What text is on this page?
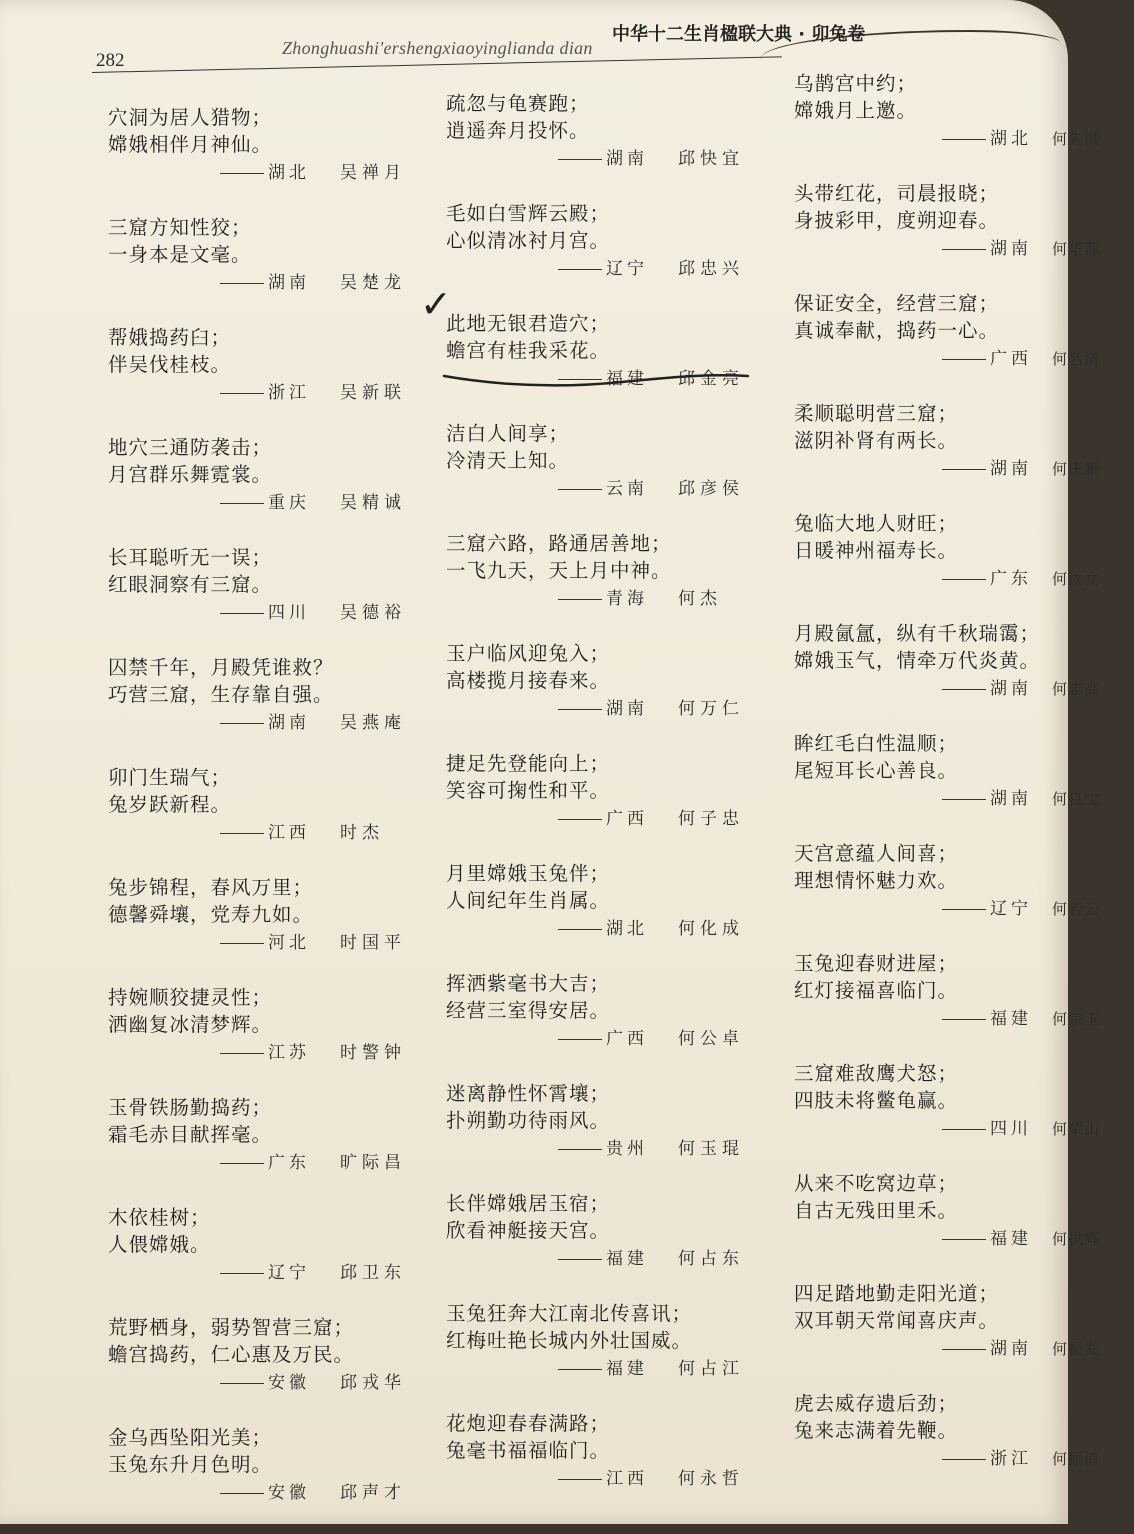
282
Zhonghuashi'ershengxiaoyinglianda dian
中华十二生肖楹联大典 · 卯兔卷
穴洞为居人猎物；
嫦娥相伴月神仙。
湖北 吴禅月
三窟方知性狡；
一身本是文毫。
湖南 吴楚龙
帮娥捣药臼；
伴吴伐桂枝。
浙江 吴新联
地穴三通防袭击；
月宫群乐舞霓裳。
重庆 吴精诚
长耳聪听无一误；
红眼洞察有三窟。
四川 吴德裕
囚禁千年，月殿凭谁救？
巧营三窟，生存靠自强。
湖南 吴燕庵
卯门生瑞气；
兔岁跃新程。
江西 时杰
兔步锦程，春风万里；
德馨舜壤，党寿九如。
河北 时国平
持婉顺狡捷灵性；
洒幽复冰清梦辉。
江苏 时警钟
玉骨铁肠勤捣药；
霜毛赤目献挥毫。
广东 旷际昌
木依桂树；
人偎嫦娥。
辽宁 邱卫东
荒野栖身，弱势智营三窟；
蟾宫捣药，仁心惠及万民。
安徽 邱戎华
金乌西坠阳光美；
玉兔东升月色明。
安徽 邱声才
疏忽与龟赛跑；
逍遥奔月投怀。
湖南 邱快宜
毛如白雪辉云殿；
心似清冰衬月宫。
辽宁 邱忠兴
此地无银君造穴；
蟾宫有桂我采花。
福建 邱金亮
洁白人间享；
冷清天上知。
云南 邱彦侯
三窟六路，路通居善地；
一飞九天，天上月中神。
青海 何杰
玉户临风迎兔入；
高楼揽月接春来。
湖南 何万仁
捷足先登能向上；
笑容可掬性和平。
广西 何子忠
月里嫦娥玉兔伴；
人间纪年生肖属。
湖北 何化成
挥洒紫毫书大吉；
经营三室得安居。
广西 何公卓
迷离静性怀霄壤；
扑朔勤功待雨风。
贵州 何玉琨
长伴嫦娥居玉宿；
欣看神艇接天宫。
福建 何占东
玉兔狂奔大江南北传喜讯；
红梅吐艳长城内外壮国威。
福建 何占江
花炮迎春春满路；
兔毫书福福临门。
江西 何永哲
乌鹊宫中约；
嫦娥月上邀。
湖北 何先淇
头带红花，司晨报晓；
身披彩甲，度朔迎春。
湖南 何华荪
保证安全，经营三窟；
真诚奉献，捣药一心。
广西 何名清
柔顺聪明营三窟；
滋阴补肾有两长。
湖南 何庆新
兔临大地人财旺；
日暖神州福寿长。
广东 何汝文
月殿氤氲，纵有千秋瑞霭；
嫦娥玉气，情牵万代炎黄。
湖南 何志高
眸红毛白性温顺；
尾短耳长心善良。
湖南 何良宝
天宫意蕴人间喜；
理想情怀魅力欢。
辽宁 何若云
玉兔迎春财进屋；
红灯接福喜临门。
福建 何宗玉
三窟难敌鹰犬怒；
四肢未将鳖龟赢。
四川 何荣山
从来不吃窝边草；
自古无残田里禾。
福建 何拱辉
四足踏地勤走阳光道；
双耳朝天常闻喜庆声。
湖南 何振发
虎去威存遗后劲；
兔来志满着先鞭。
浙江 何振清
✓
